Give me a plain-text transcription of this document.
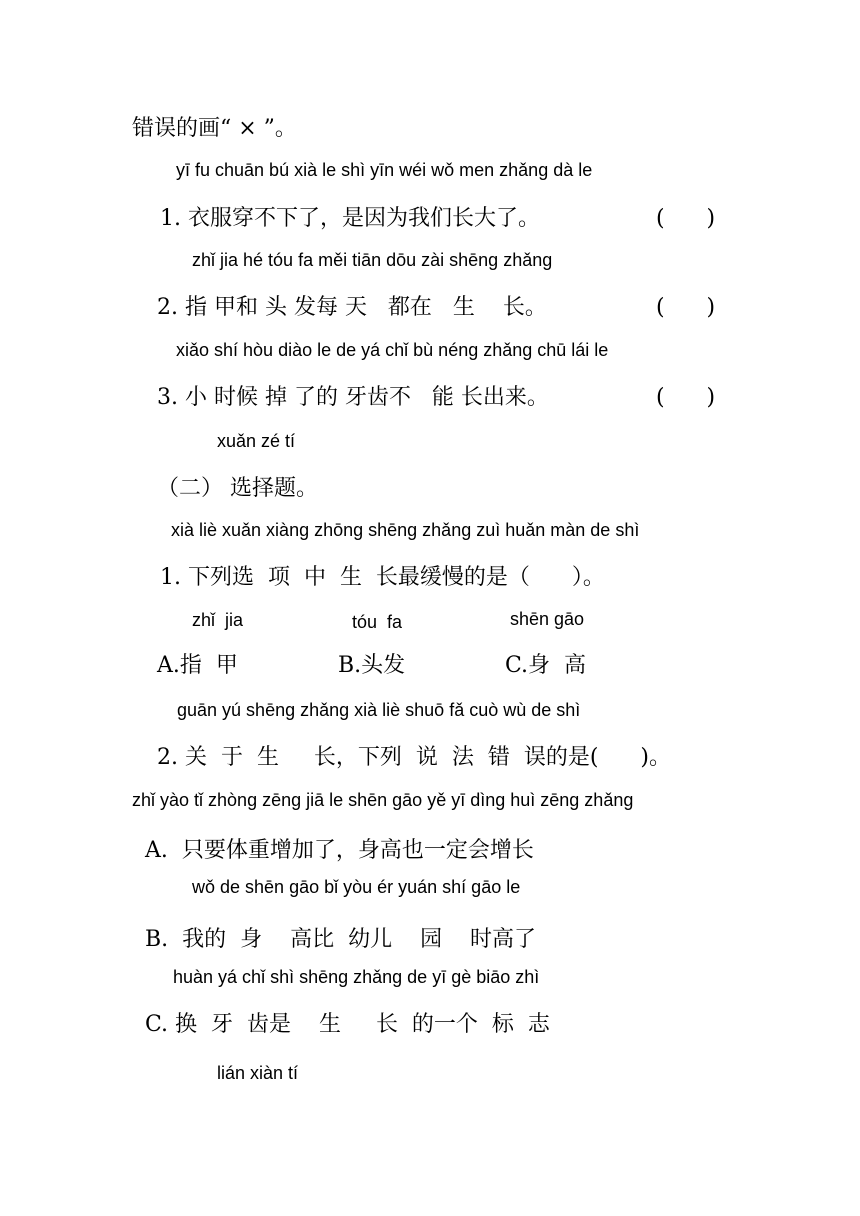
错误的画“ × ”。
yī fu chuān bú xià le shì yīn wéi wǒ men zhǎng dà le
1. 衣服穿不下了，是因为我们长大了。	(      )
zhǐ jia hé tóu fa měi tiān dōu zài shēng zhǎng
2. 指 甲和 头 发每 天   都在   生    长。	(      )
xiǎo shí hòu diào le de yá chǐ bù néng zhǎng chū lái le
3. 小 时候 掉 了的 牙齿不   能 长出来。	(      )
xuǎn zé tí
（二） 选择题。
xià liè xuǎn xiàng zhōng shēng zhǎng zuì huǎn màn de shì
1. 下列选  项  中  生  长最缓慢的是（      ）。
zhǐ  jia	tóu  fa	shēn gāo
A.指  甲	B.头发	C.身  高
guān yú shēng zhǎng xià liè shuō fǎ cuò wù de shì
2. 关  于  生     长，下列  说  法  错  误的是(      )。
zhǐ yào tǐ zhòng zēng jiā le shēn gāo yě yī dìng huì zēng zhǎng
A.  只要体重增加了，身高也一定会增长
wǒ de shēn gāo bǐ yòu ér yuán shí gāo le
B.  我的  身    高比  幼儿    园    时高了
huàn yá chǐ shì shēng zhǎng de yī gè biāo zhì
C. 换  牙  齿是    生     长  的一个  标  志
lián xiàn tí
